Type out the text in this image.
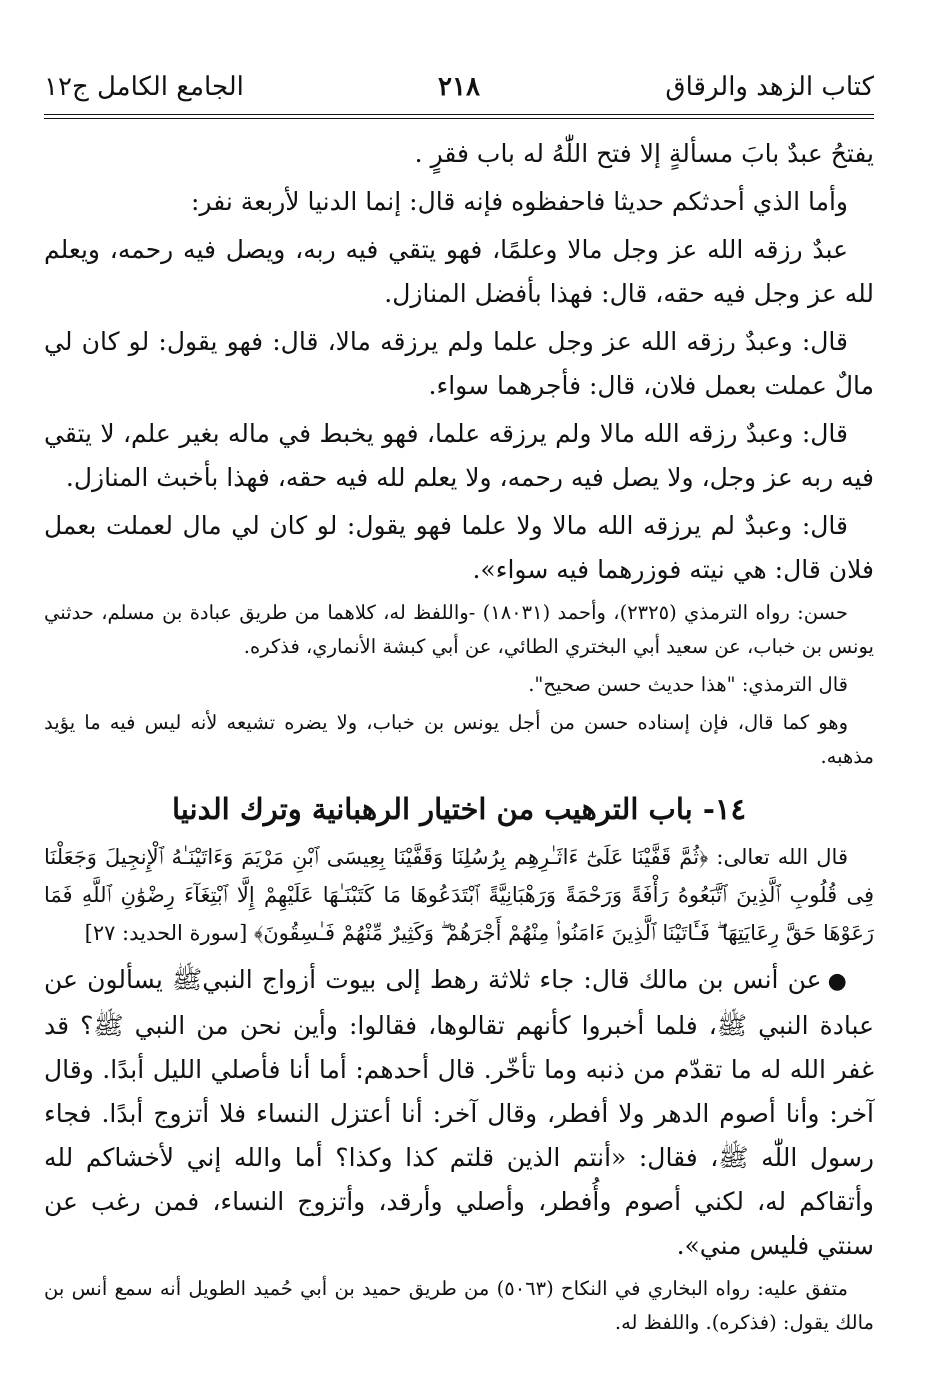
كتاب الزهد والرقاق
٢١٨
الجامع الكامل ج١٢

يفتحُ عبدٌ بابَ مسألةٍ إلا فتح اللّٰهُ له باب فقرٍ .

وأما الذي أحدثكم حديثا فاحفظوه فإنه قال: إنما الدنيا لأربعة نفر:

عبدٌ رزقه الله عز وجل مالا وعلمًا، فهو يتقي فيه ربه، ويصل فيه رحمه، ويعلم لله عز وجل فيه حقه، قال: فهذا بأفضل المنازل.

قال: وعبدٌ رزقه الله عز وجل علما ولم يرزقه مالا، قال: فهو يقول: لو كان لي مالٌ عملت بعمل فلان، قال: فأجرهما سواء.

قال: وعبدٌ رزقه الله مالا ولم يرزقه علما، فهو يخبط في ماله بغير علم، لا يتقي فيه ربه عز وجل، ولا يصل فيه رحمه، ولا يعلم لله فيه حقه، فهذا بأخبث المنازل.

قال: وعبدٌ لم يرزقه الله مالا ولا علما فهو يقول: لو كان لي مال لعملت بعمل فلان قال: هي نيته فوزرهما فيه سواء».

حسن: رواه الترمذي (٢٣٢٥)، وأحمد (١٨٠٣١) -واللفظ له، كلاهما من طريق عبادة بن مسلم، حدثني يونس بن خباب، عن سعيد أبي البختري الطائي، عن أبي كبشة الأنماري، فذكره.

قال الترمذي: "هذا حديث حسن صحيح".

وهو كما قال، فإن إسناده حسن من أجل يونس بن خباب، ولا يضره تشيعه لأنه ليس فيه ما يؤيد مذهبه.

١٤- باب الترهيب من اختيار الرهبانية وترك الدنيا

قال الله تعالى: ﴿ثُمَّ قَفَّيْنَا عَلَىٰٓ ءَاثَـٰرِهِم بِرُسُلِنَا وَقَفَّيْنَا بِعِيسَى ٱبْنِ مَرْيَمَ وَءَاتَيْنَـٰهُ ٱلْإِنجِيلَ وَجَعَلْنَا فِى قُلُوبِ ٱلَّذِينَ ٱتَّبَعُوهُ رَأْفَةً وَرَحْمَةً وَرَهْبَانِيَّةً ٱبْتَدَعُوهَا مَا كَتَبْنَـٰهَا عَلَيْهِمْ إِلَّا ٱبْتِغَآءَ رِضْوَٰنِ ٱللَّهِ فَمَا رَعَوْهَا حَقَّ رِعَايَتِهَا ۖ فَـَٔاتَيْنَا ٱلَّذِينَ ءَامَنُوا۟ مِنْهُمْ أَجْرَهُمْ ۖ وَكَثِيرٌ مِّنْهُمْ فَـٰسِقُونَ﴾ [سورة الحديد: ٢٧]

●عن أنس بن مالك قال: جاء ثلاثة رهط إلى بيوت أزواج النبيﷺ يسألون عن عبادة النبي ﷺ، فلما أخبروا كأنهم تقالوها، فقالوا: وأين نحن من النبي ﷺ؟ قد غفر الله له ما تقدّم من ذنبه وما تأخّر. قال أحدهم: أما أنا فأصلي الليل أبدًا. وقال آخر: وأنا أصوم الدهر ولا أفطر، وقال آخر: أنا أعتزل النساء فلا أتزوج أبدًا. فجاء رسول اللّٰه ﷺ، فقال: «أنتم الذين قلتم كذا وكذا؟ أما والله إني لأخشاكم لله وأتقاكم له، لكني أصوم وأُفطر، وأصلي وأرقد، وأتزوج النساء، فمن رغب عن سنتي فليس مني».

متفق عليه: رواه البخاري في النكاح (٥٠٦٣) من طريق حميد بن أبي حُميد الطويل أنه سمع أنس بن مالك يقول: (فذكره). واللفظ له.
